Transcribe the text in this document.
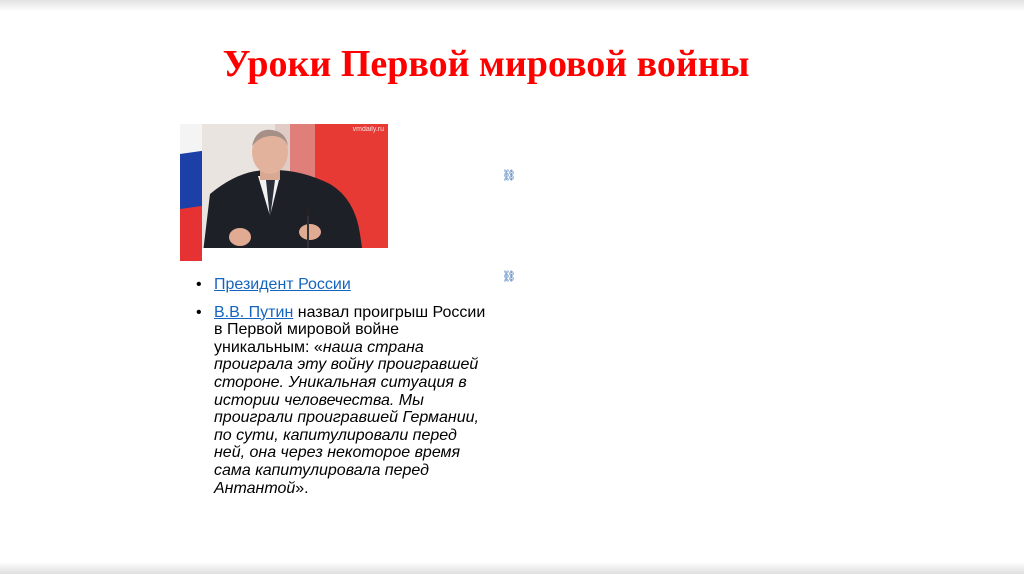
Уроки Первой мировой войны
vmdaily.ru
⛓
⛓
• Президент России
• В.В. Путин назвал проигрыш России в Первой мировой войне уникальным: «наша страна проиграла эту войну проигравшей стороне. Уникальная ситуация в истории человечества. Мы проиграли проигравшей Германии, по сути, капитулировали перед ней, она через некоторое время сама капитулировала перед Антантой».
